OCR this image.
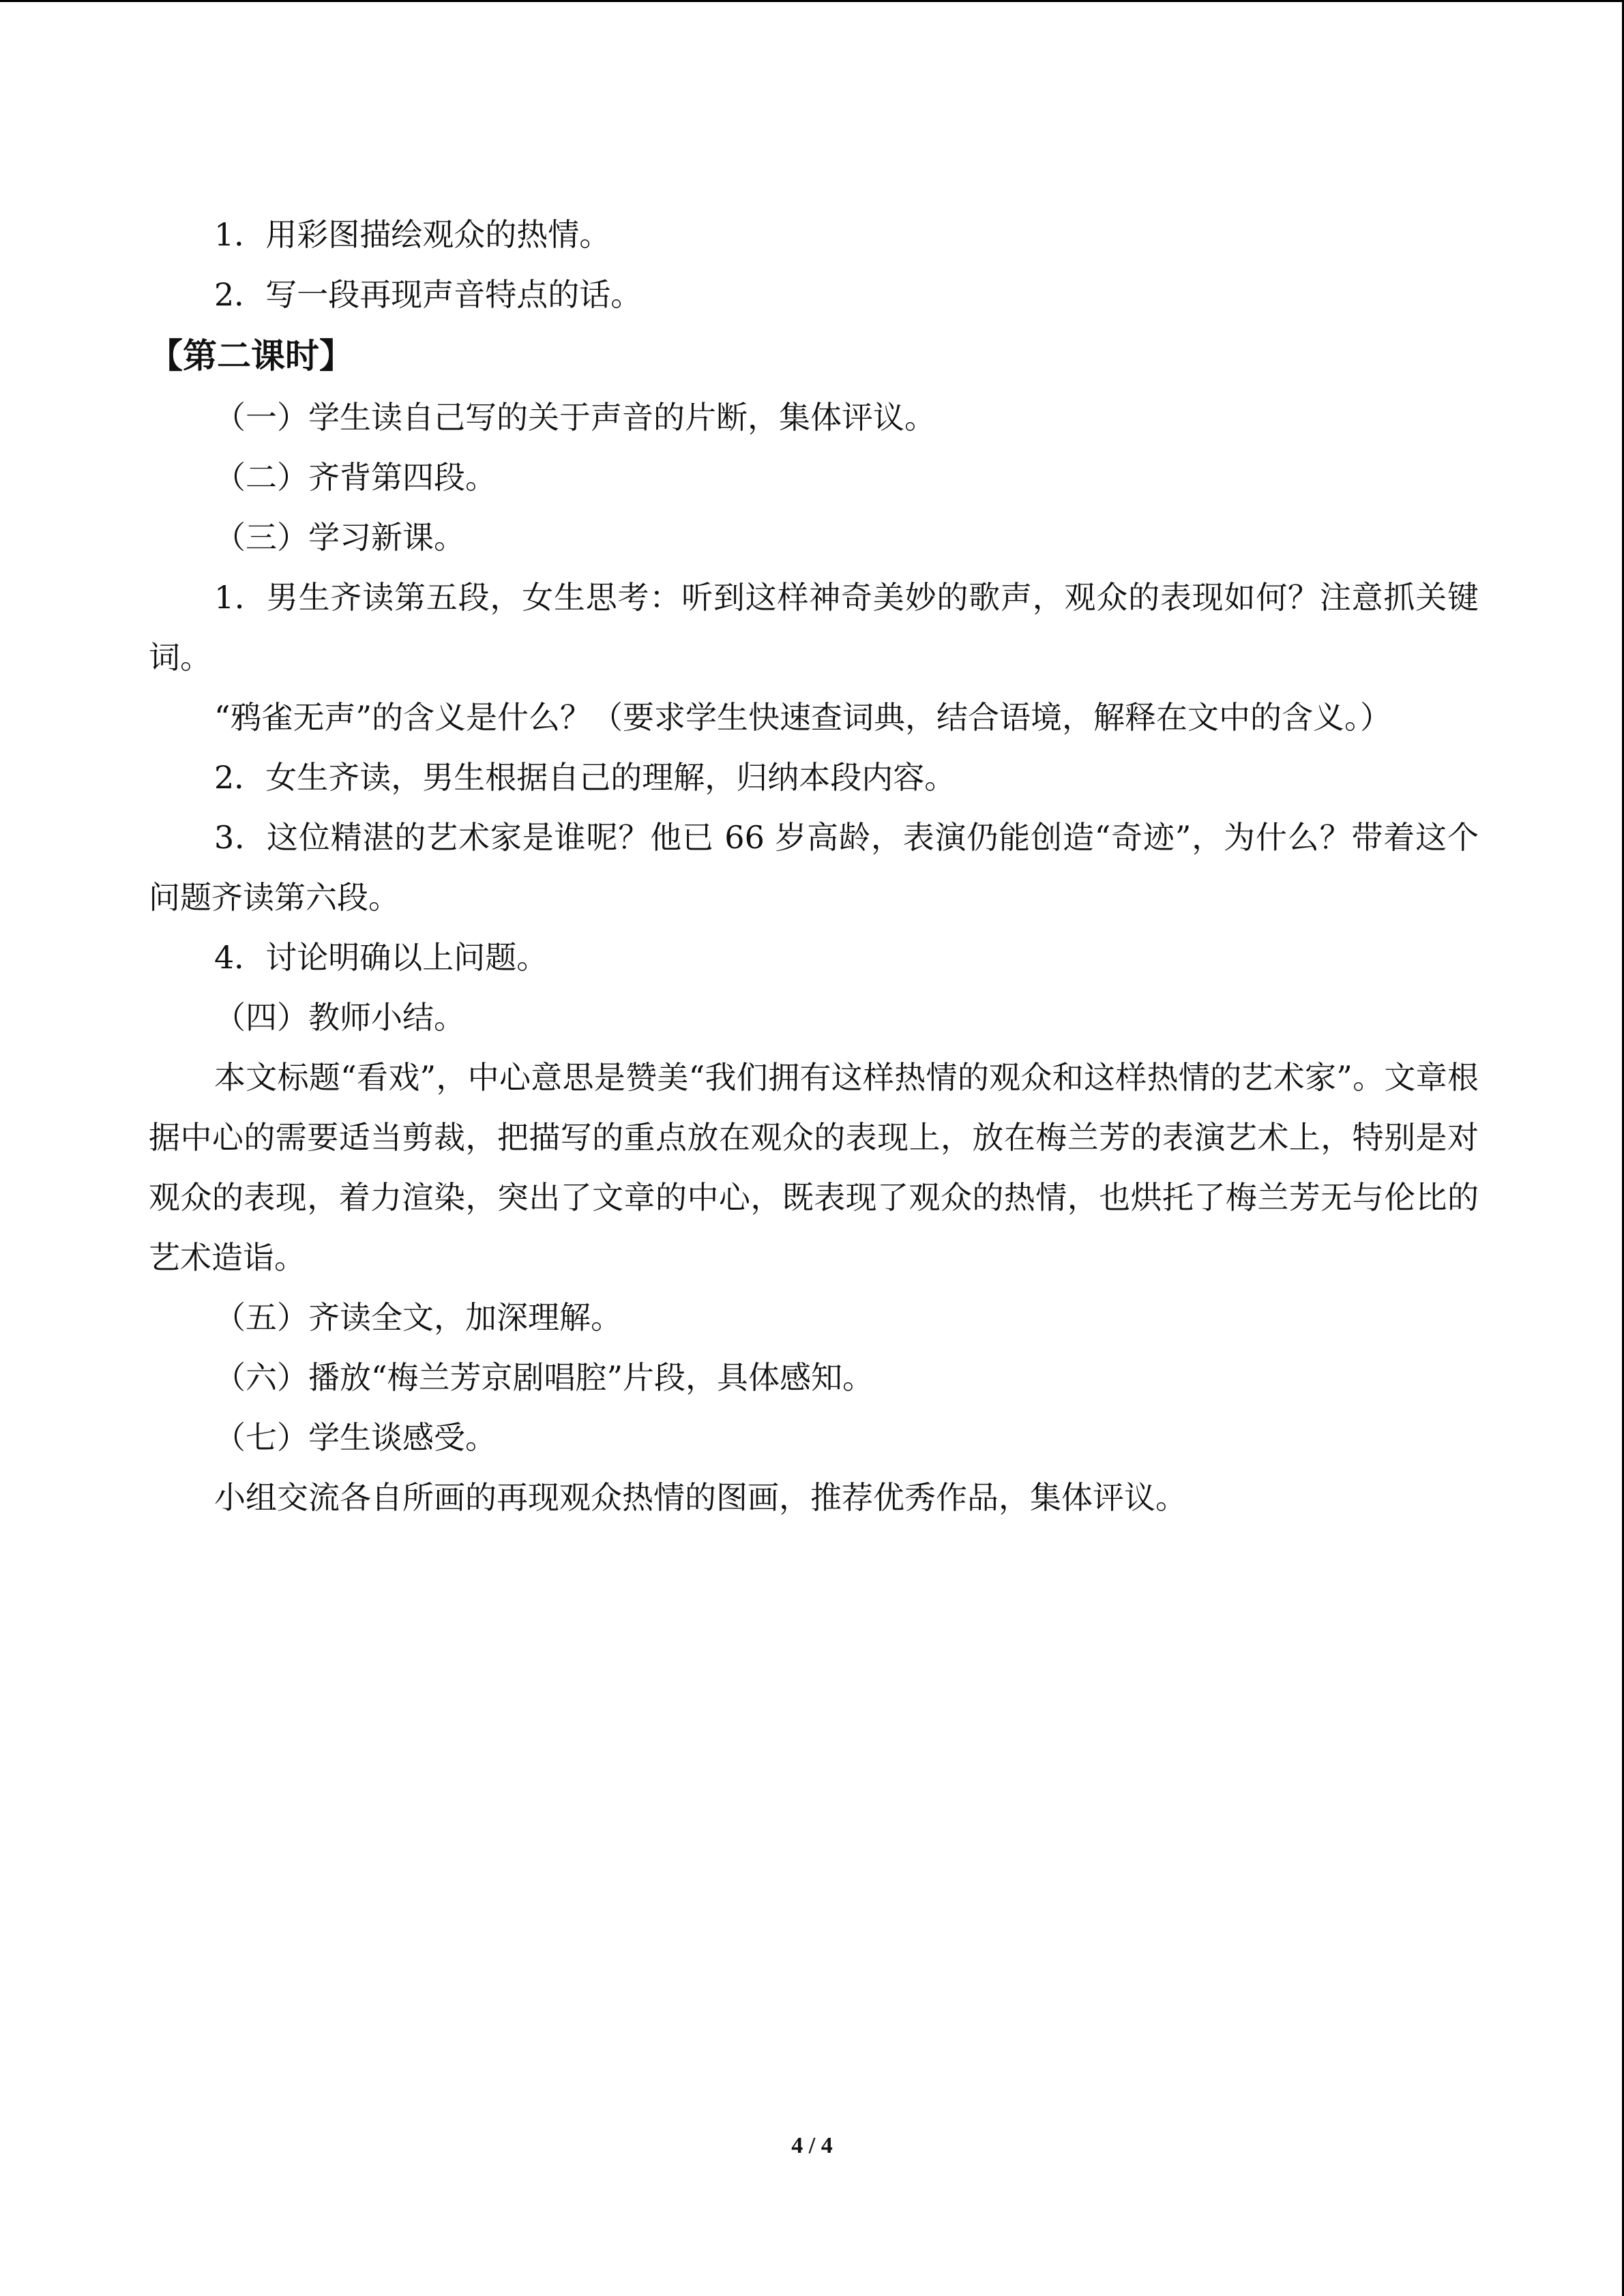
1．用彩图描绘观众的热情。

2．写一段再现声音特点的话。

【第二课时】

（一）学生读自己写的关于声音的片断，集体评议。

（二）齐背第四段。

（三）学习新课。

1．男生齐读第五段，女生思考：听到这样神奇美妙的歌声，观众的表现如何？注意抓关键词。

“鸦雀无声”的含义是什么？（要求学生快速查词典，结合语境，解释在文中的含义。）

2．女生齐读，男生根据自己的理解，归纳本段内容。

3．这位精湛的艺术家是谁呢？他已 66 岁高龄，表演仍能创造“奇迹”，为什么？带着这个问题齐读第六段。

4．讨论明确以上问题。

（四）教师小结。

本文标题“看戏”，中心意思是赞美“我们拥有这样热情的观众和这样热情的艺术家”。文章根据中心的需要适当剪裁，把描写的重点放在观众的表现上，放在梅兰芳的表演艺术上，特别是对观众的表现，着力渲染，突出了文章的中心，既表现了观众的热情，也烘托了梅兰芳无与伦比的艺术造诣。

（五）齐读全文，加深理解。

（六）播放“梅兰芳京剧唱腔”片段，具体感知。

（七）学生谈感受。

小组交流各自所画的再现观众热情的图画，推荐优秀作品，集体评议。

4 / 4
